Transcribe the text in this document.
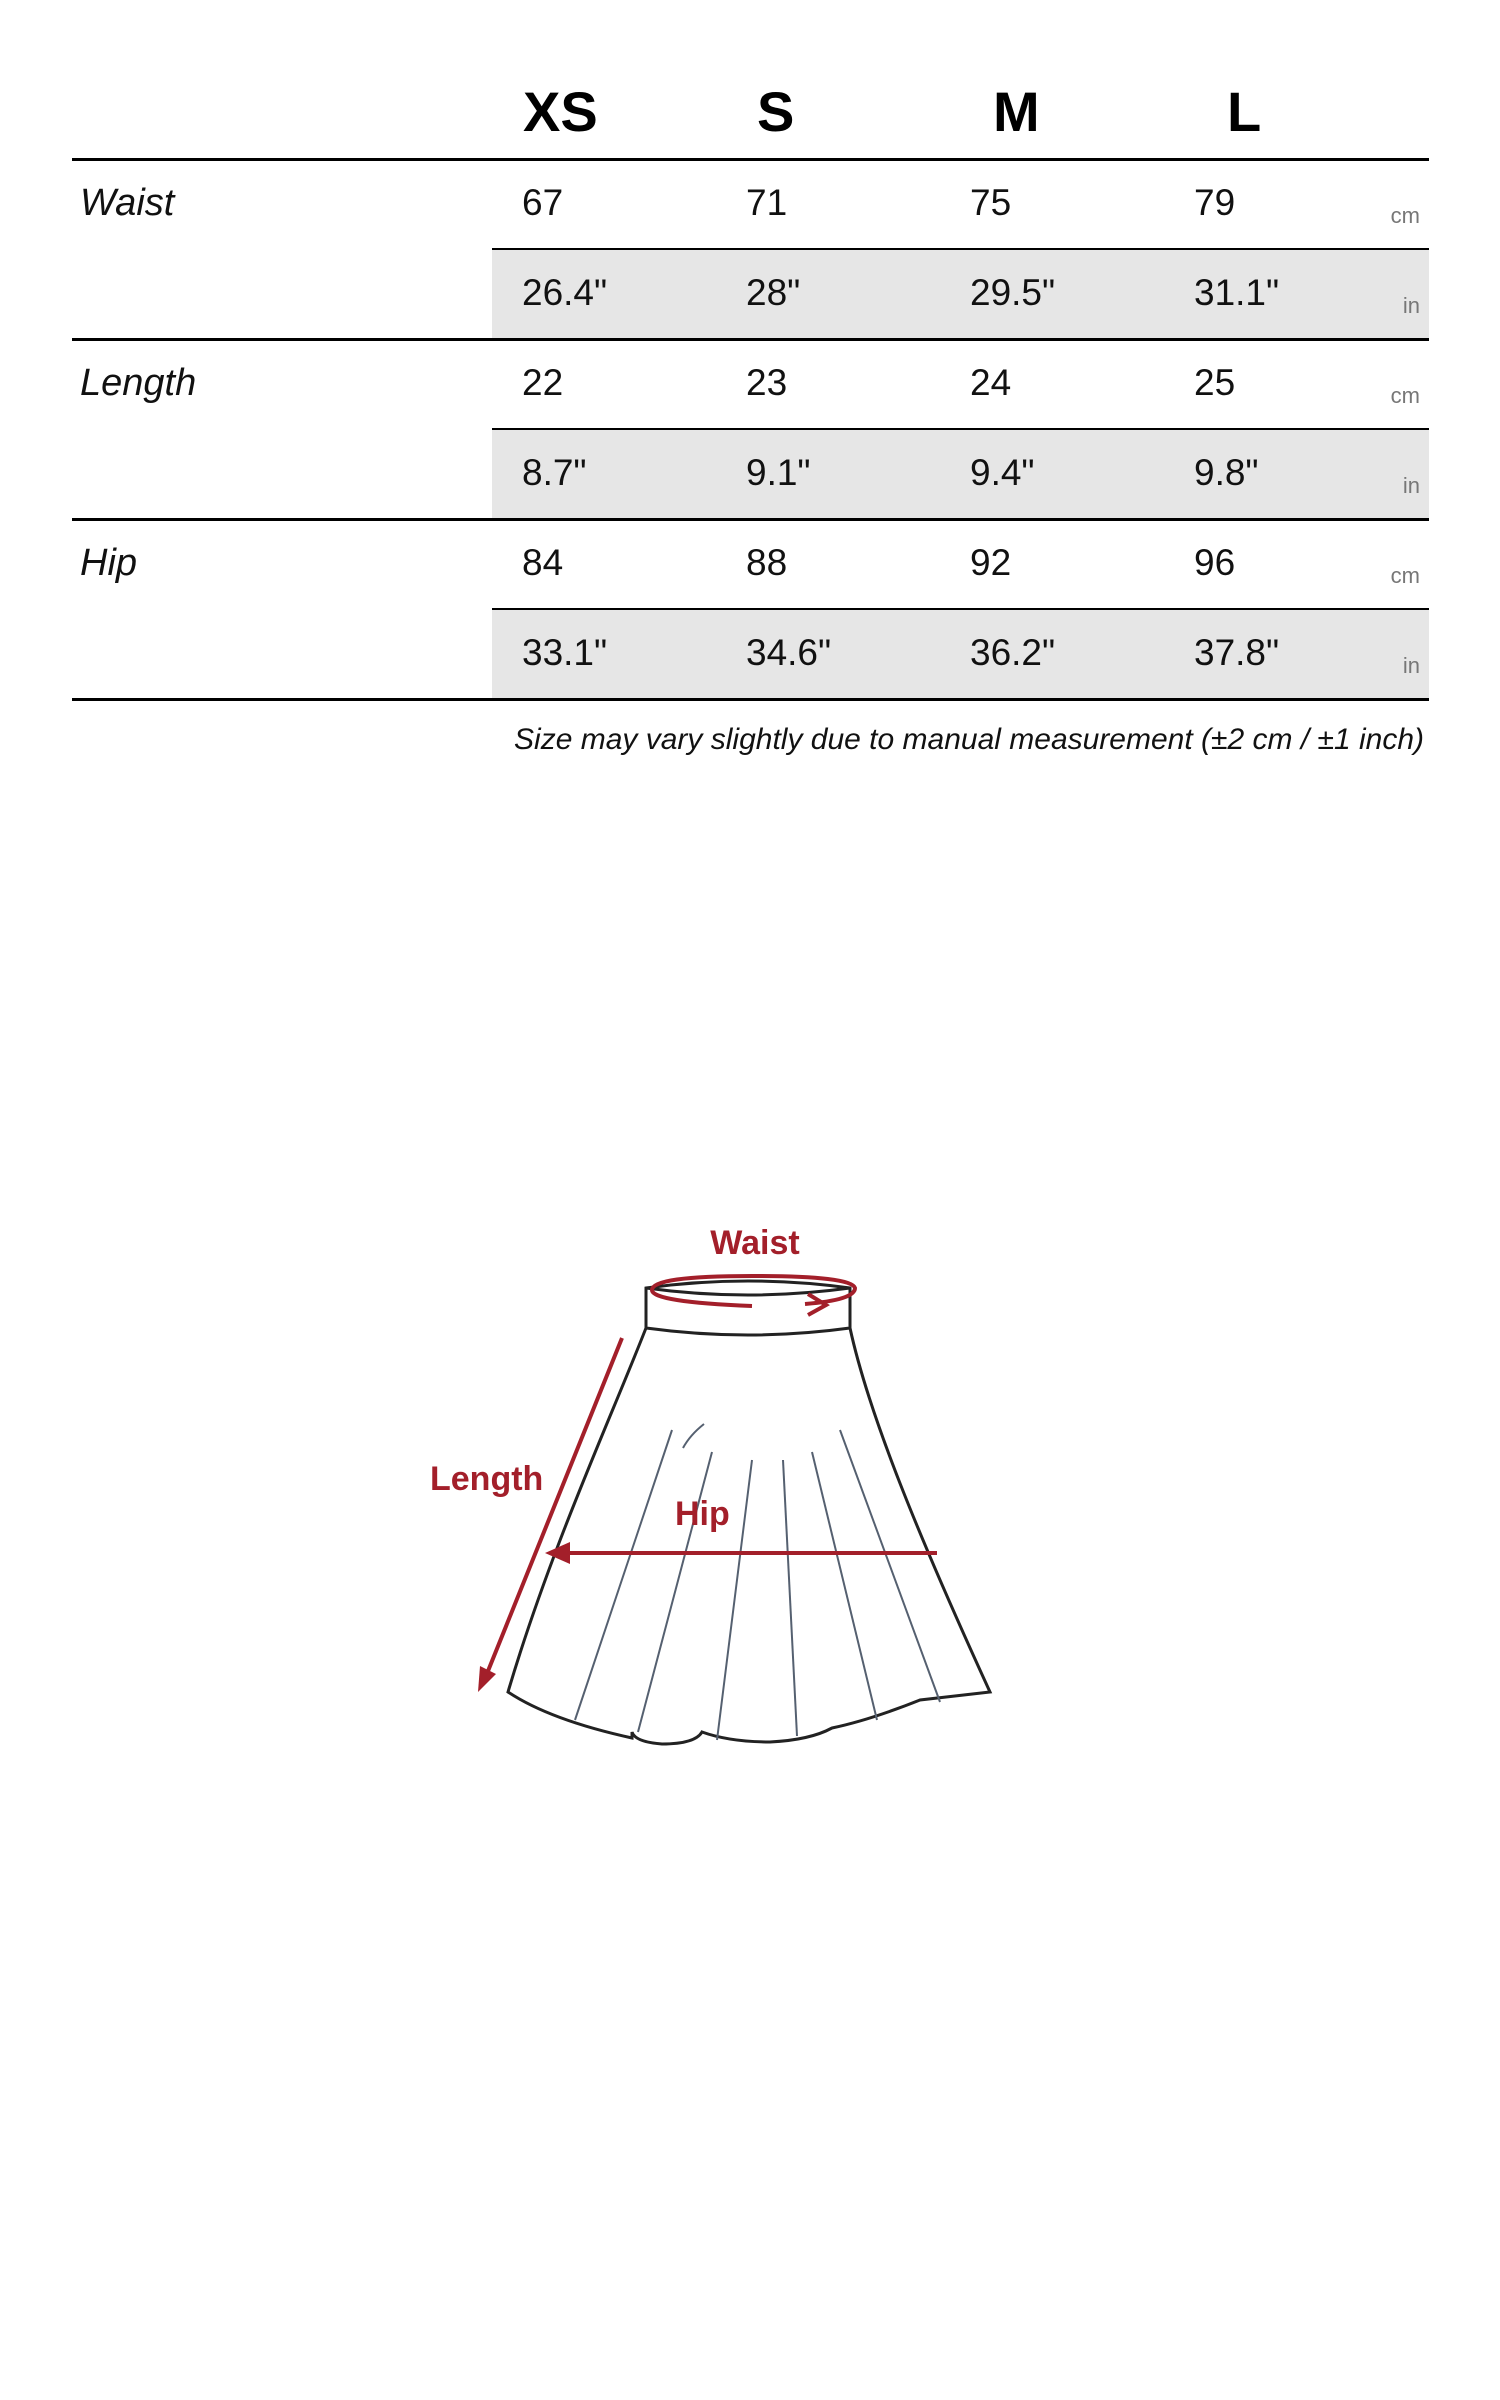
XS	S	M	L
Waist	67	71	75	79	cm
26.4"	28"	29.5"	31.1"	in
Length	22	23	24	25	cm
8.7"	9.1"	9.4"	9.8"	in
Hip	84	88	92	96	cm
33.1"	34.6"	36.2"	37.8"	in
Size may vary slightly due to manual measurement (±2 cm / ±1 inch)
Waist
Length
Hip
